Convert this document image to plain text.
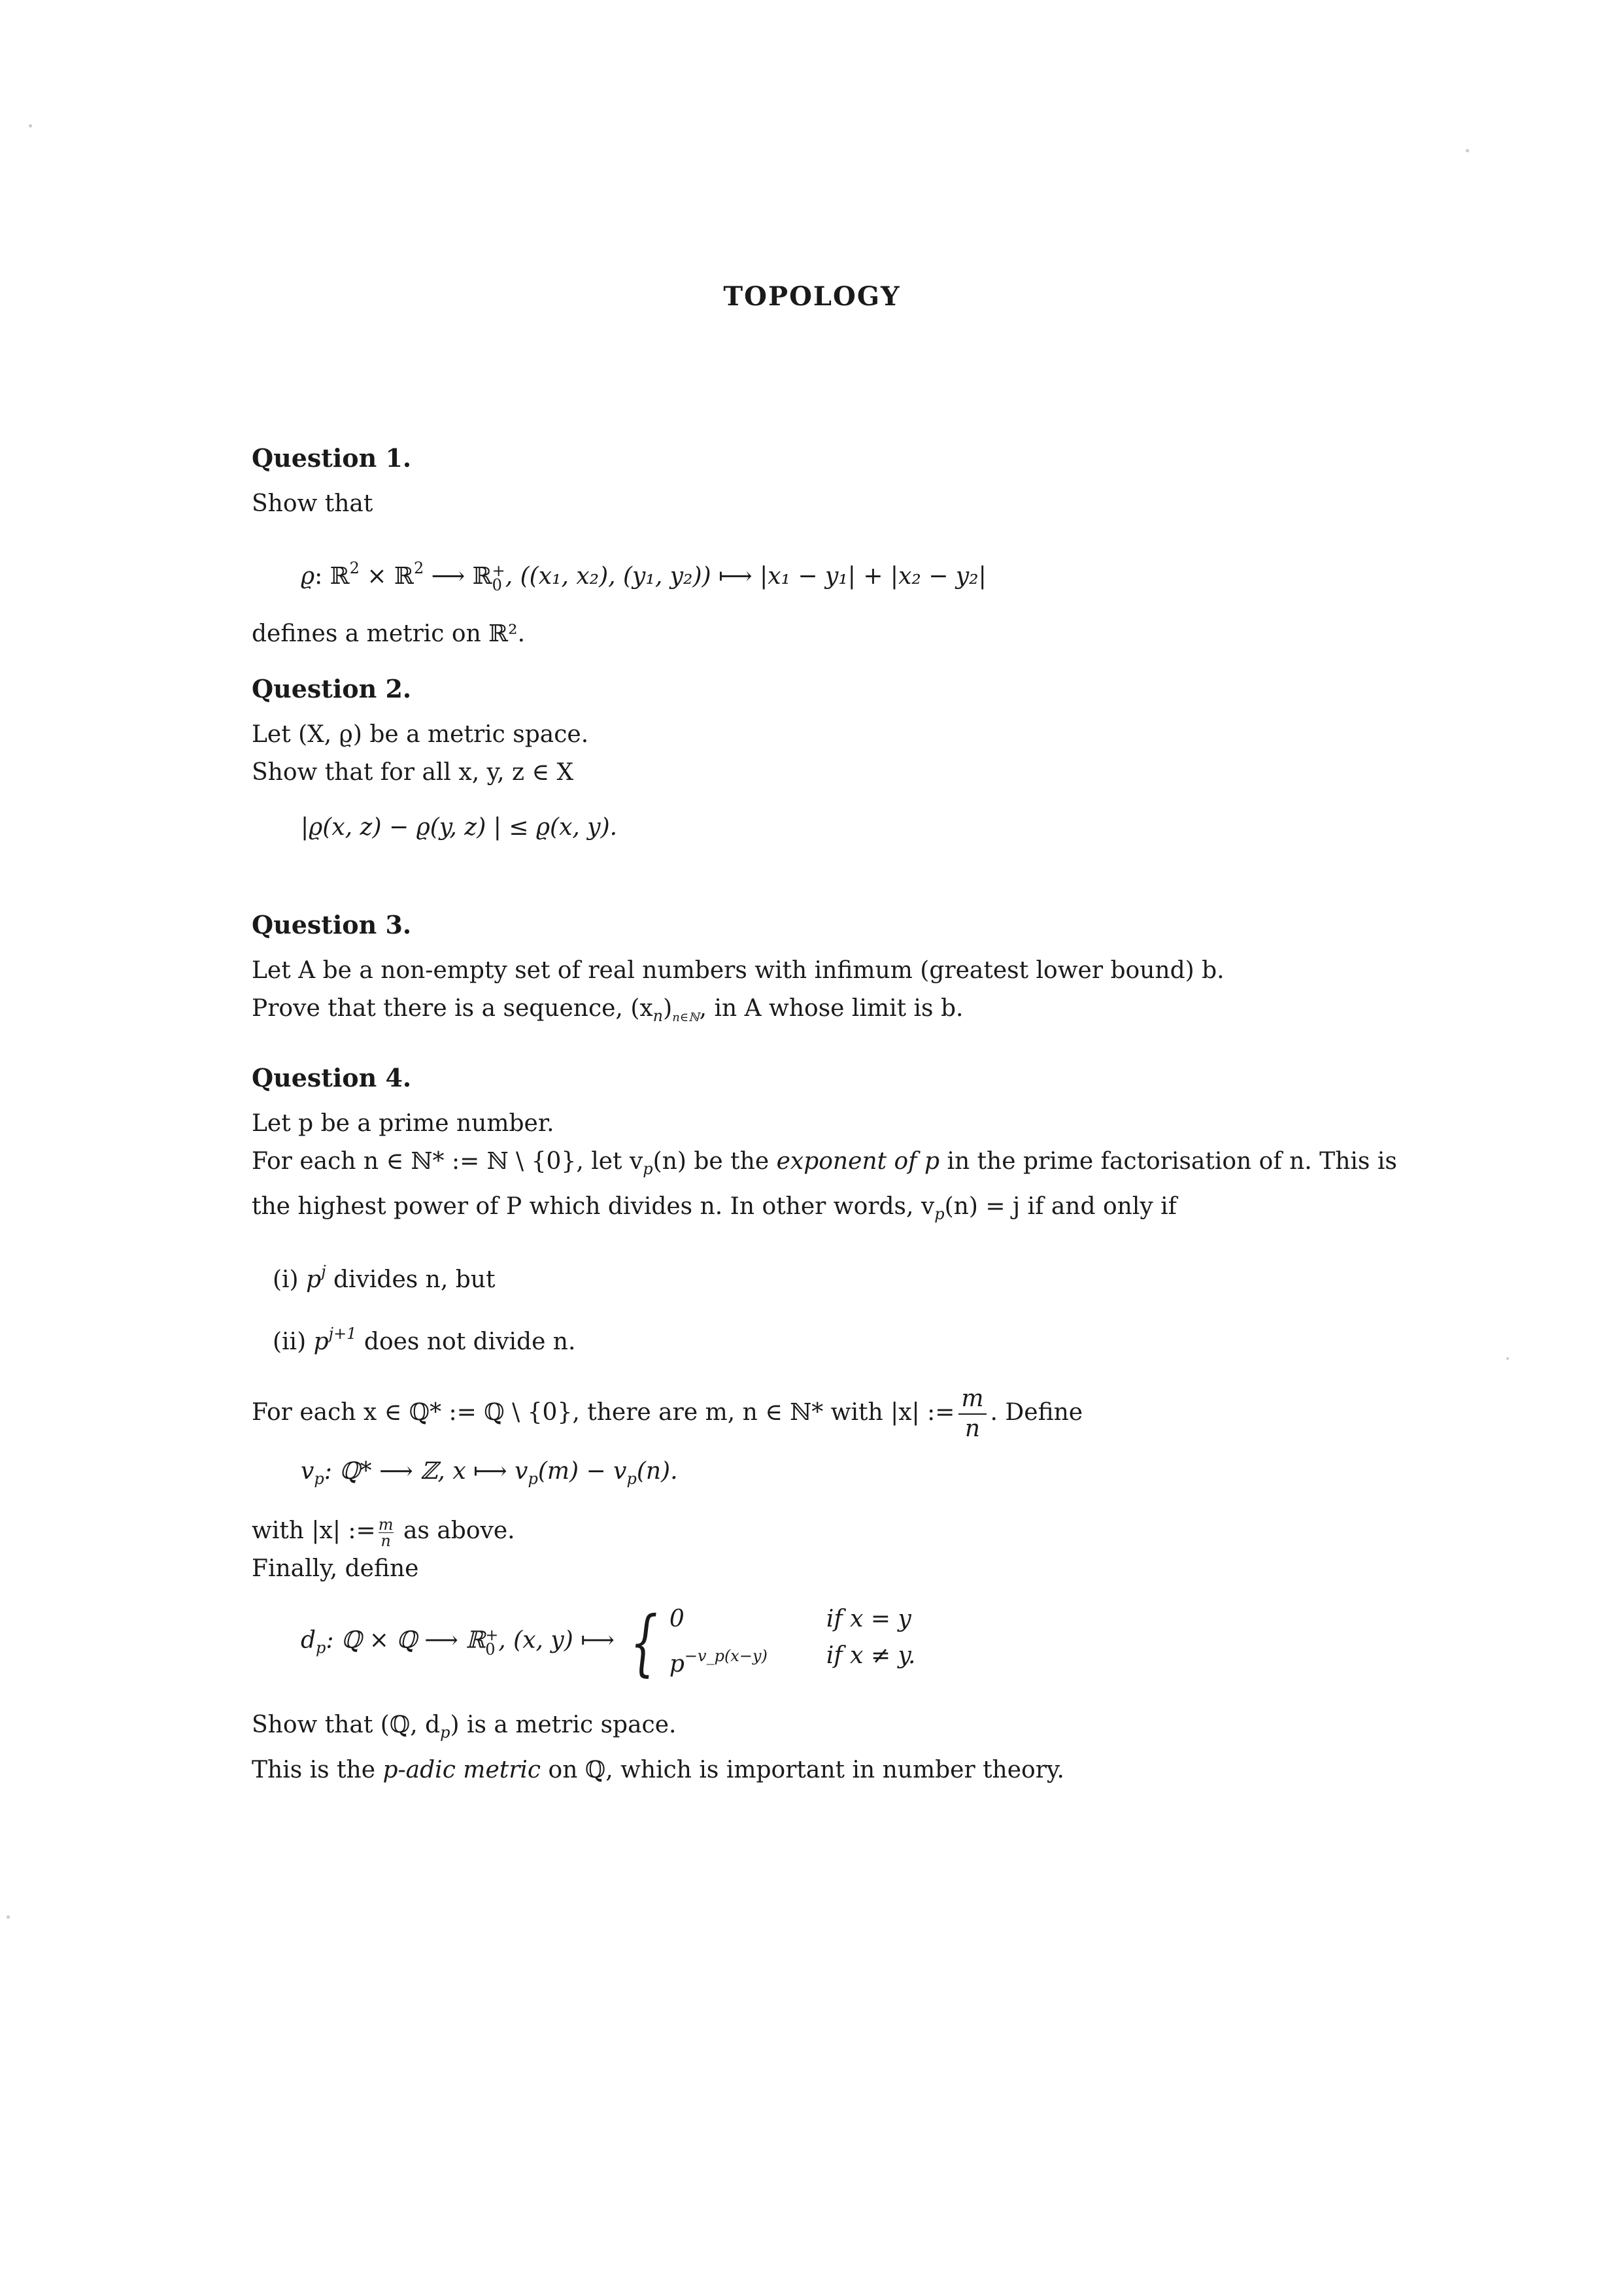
TOPOLOGY
Question 1.
Show that
ϱ: ℝ$^2$ × ℝ$^2$ ⟶ ℝ +
0 , ((x₁, x₂), (y₁, y₂)) ⟼ |x₁ − y₁| + |x₂ − y₂|
defines a metric on ℝ².
Question 2.
Let (X, ϱ) be a metric space.
Show that for all x, y, z ∈ X
|ϱ(x, z) − ϱ(y, z) | ≤ ϱ(x, y).
Question 3.
Let A be a non-empty set of real numbers with infimum (greatest lower bound) b.
Prove that there is a sequence, $(x_n)_{n\in ℕ}$, in A whose limit is b.
Question 4.
Let p be a prime number.
For each n ∈ ℕ* := ℕ \ {0}, let $v_p(n)$ be the exponent of p in the prime factorisation of n. This is
the highest power of P which divides n. In other words, $v_p(n) = j$ if and only if
(i) $p^j$ divides n, but
(ii) $p^{j+1}$ does not divide n.
For each x ∈ ℚ* := ℚ \ {0}, there are m, n ∈ ℕ* with |x| := $\frac{m}{n}$ . Define
$v_p$: ℚ* ⟶ ℤ, x ⟼ $v_p(m) - v_p(n)$.
with |x| := $\frac{m}{n}$ as above.
Finally, define
$d_p$: ℚ × ℚ ⟶ ℝ +
0 , (x, y) ⟼ { 0	if x = y
$p^{-v\_p(x-y)}$	if x ≠ y.
Show that (ℚ, $d_p$) is a metric space.
This is the p-adic metric on ℚ, which is important in number theory.
